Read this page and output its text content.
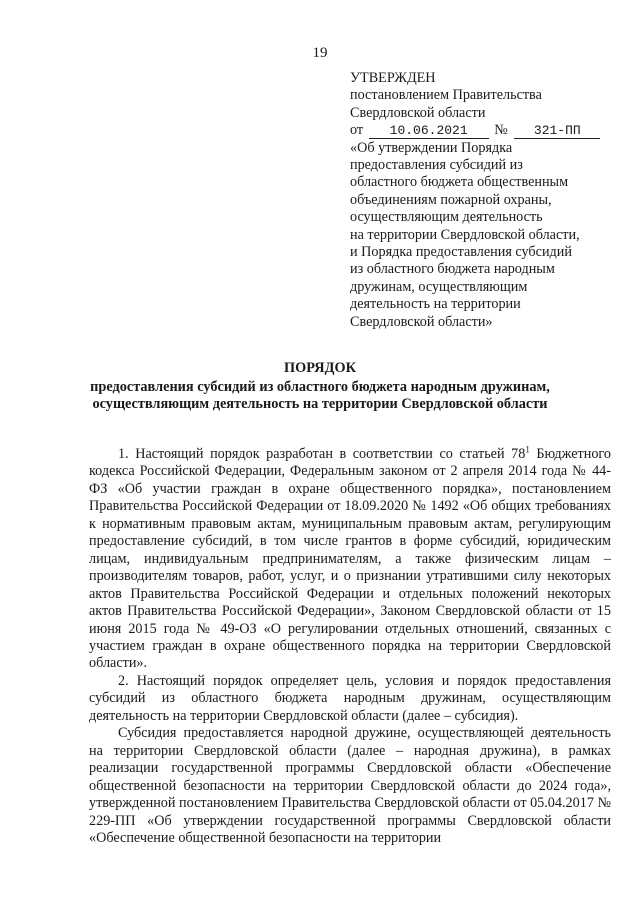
19
УТВЕРЖДЕН
постановлением Правительства
Свердловской области
от 10.06.2021 № 321-ПП
«Об утверждении Порядка
предоставления субсидий из
областного бюджета общественным
объединениям пожарной охраны,
осуществляющим деятельность
на территории Свердловской области,
и Порядка предоставления субсидий
из областного бюджета народным
дружинам, осуществляющим
деятельность на территории
Свердловской области»
ПОРЯДОК
предоставления субсидий из областного бюджета народным дружинам,
осуществляющим деятельность на территории Свердловской области

1. Настоящий порядок разработан в соответствии со статьей $78^1$ Бюджетного кодекса Российской Федерации, Федеральным законом от 2 апреля 2014 года № 44-ФЗ «Об участии граждан в охране общественного порядка», постановлением Правительства Российской Федерации от 18.09.2020 № 1492 «Об общих требованиях к нормативным правовым актам, муниципальным правовым актам, регулирующим предоставление субсидий, в том числе грантов в форме субсидий, юридическим лицам, индивидуальным предпринимателям, а также физическим лицам – производителям товаров, работ, услуг, и о признании утратившими силу некоторых актов Правительства Российской Федерации и отдельных положений некоторых актов Правительства Российской Федерации», Законом Свердловской области от 15 июня 2015 года № 49-ОЗ «О регулировании отдельных отношений, связанных с участием граждан в охране общественного порядка на территории Свердловской области».

2. Настоящий порядок определяет цель, условия и порядок предоставления субсидий из областного бюджета народным дружинам, осуществляющим деятельность на территории Свердловской области (далее – субсидия).

Субсидия предоставляется народной дружине, осуществляющей деятельность на территории Свердловской области (далее – народная дружина), в рамках реализации государственной программы Свердловской области «Обеспечение общественной безопасности на территории Свердловской области до 2024 года», утвержденной постановлением Правительства Свердловской области от 05.04.2017 № 229-ПП «Об утверждении государственной программы Свердловской области «Обеспечение общественной безопасности на территории
